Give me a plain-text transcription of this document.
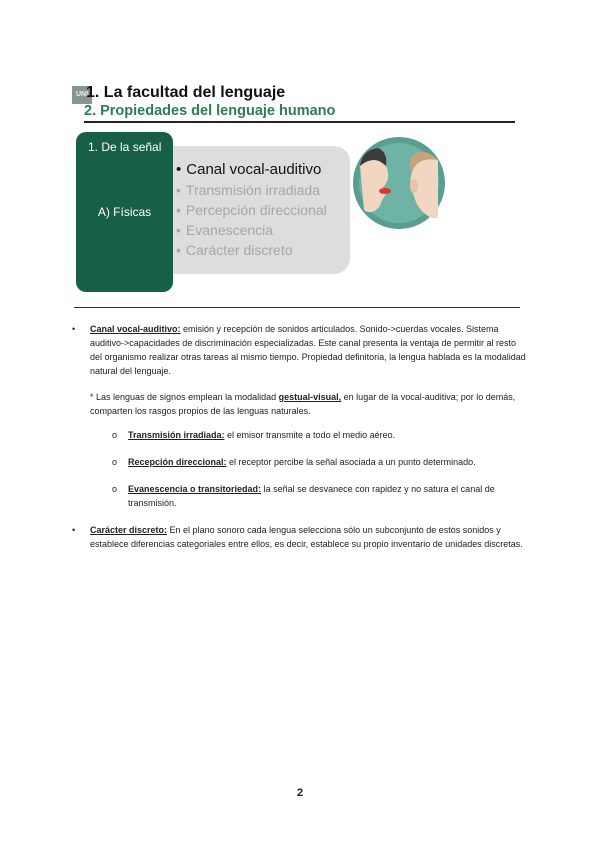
UNI
1. La facultad del lenguaje
2. Propiedades del lenguaje humano
1. De la señal
A) Físicas
• Canal vocal-auditivo
• Transmisión irradiada
• Percepción direccional
• Evanescencia
• Carácter discreto

• Canal vocal-auditivo: emisión y recepción de sonidos articulados. Sonido->cuerdas vocales. Sistema auditivo->capacidades de discriminación especializadas. Este canal presenta la ventaja de permitir al resto del organismo realizar otras tareas al mismo tiempo. Propiedad definitoria, la lengua hablada es la modalidad natural del lenguaje.

* Las lenguas de signos emplean la modalidad gestual-visual, en lugar de la vocal-auditiva; por lo demás, comparten los rasgos propios de las lenguas naturales.

o Transmisión irradiada: el emisor transmite a todo el medio aéreo.
o Recepción direccional: el receptor percibe la señal asociada a un punto determinado.
o Evanescencia o transitoriedad: la señal se desvanece con rapidez y no satura el canal de transmisión.

• Carácter discreto: En el plano sonoro cada lengua selecciona sólo un subconjunto de estos sonidos y establece diferencias categoriales entre ellos, es decir, establece su propio inventario de unidades discretas.

2
